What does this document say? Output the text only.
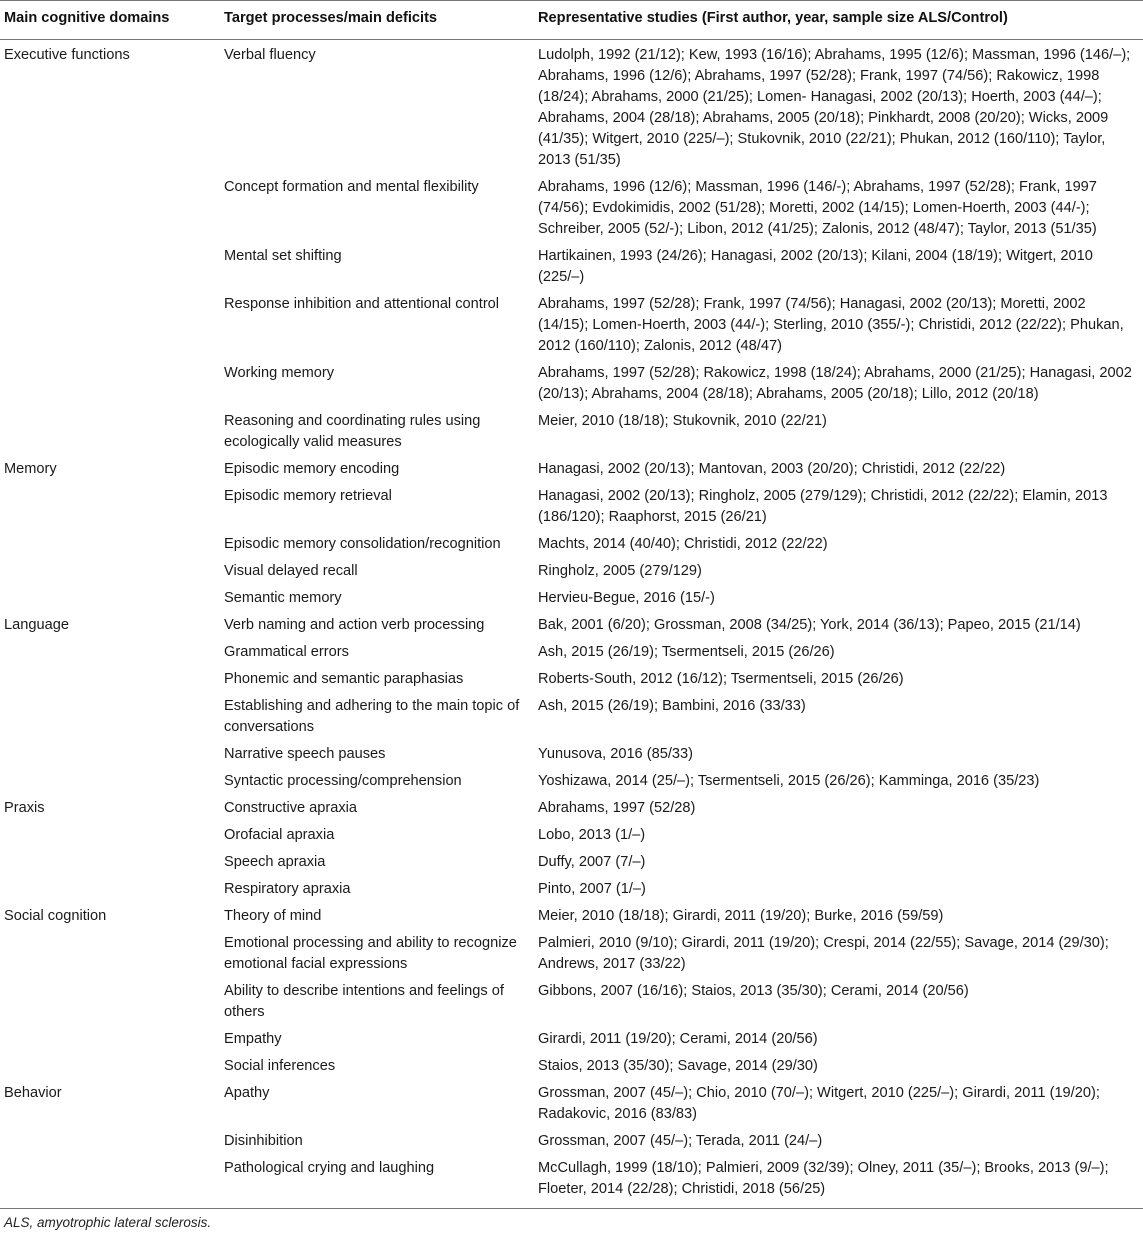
Main cognitive domains	Target processes/main deficits	Representative studies (First author, year, sample size ALS/Control)
Executive functions	Verbal fluency	Ludolph, 1992 (21/12); Kew, 1993 (16/16); Abrahams, 1995 (12/6); Massman, 1996 (146/–); Abrahams, 1996 (12/6); Abrahams, 1997 (52/28); Frank, 1997 (74/56); Rakowicz, 1998 (18/24); Abrahams, 2000 (21/25); Lomen- Hanagasi, 2002 (20/13); Hoerth, 2003 (44/–); Abrahams, 2004 (28/18); Abrahams, 2005 (20/18); Pinkhardt, 2008 (20/20); Wicks, 2009 (41/35); Witgert, 2010 (225/–); Stukovnik, 2010 (22/21); Phukan, 2012 (160/110); Taylor, 2013 (51/35)
	Concept formation and mental flexibility	Abrahams, 1996 (12/6); Massman, 1996 (146/-); Abrahams, 1997 (52/28); Frank, 1997 (74/56); Evdokimidis, 2002 (51/28); Moretti, 2002 (14/15); Lomen-Hoerth, 2003 (44/-); Schreiber, 2005 (52/-); Libon, 2012 (41/25); Zalonis, 2012 (48/47); Taylor, 2013 (51/35)
	Mental set shifting	Hartikainen, 1993 (24/26); Hanagasi, 2002 (20/13); Kilani, 2004 (18/19); Witgert, 2010 (225/–)
	Response inhibition and attentional control	Abrahams, 1997 (52/28); Frank, 1997 (74/56); Hanagasi, 2002 (20/13); Moretti, 2002 (14/15); Lomen-Hoerth, 2003 (44/-); Sterling, 2010 (355/-); Christidi, 2012 (22/22); Phukan, 2012 (160/110); Zalonis, 2012 (48/47)
	Working memory	Abrahams, 1997 (52/28); Rakowicz, 1998 (18/24); Abrahams, 2000 (21/25); Hanagasi, 2002 (20/13); Abrahams, 2004 (28/18); Abrahams, 2005 (20/18); Lillo, 2012 (20/18)
	Reasoning and coordinating rules using ecologically valid measures	Meier, 2010 (18/18); Stukovnik, 2010 (22/21)
Memory	Episodic memory encoding	Hanagasi, 2002 (20/13); Mantovan, 2003 (20/20); Christidi, 2012 (22/22)
	Episodic memory retrieval	Hanagasi, 2002 (20/13); Ringholz, 2005 (279/129); Christidi, 2012 (22/22); Elamin, 2013 (186/120); Raaphorst, 2015 (26/21)
	Episodic memory consolidation/recognition	Machts, 2014 (40/40); Christidi, 2012 (22/22)
	Visual delayed recall	Ringholz, 2005 (279/129)
	Semantic memory	Hervieu-Begue, 2016 (15/-)
Language	Verb naming and action verb processing	Bak, 2001 (6/20); Grossman, 2008 (34/25); York, 2014 (36/13); Papeo, 2015 (21/14)
	Grammatical errors	Ash, 2015 (26/19); Tsermentseli, 2015 (26/26)
	Phonemic and semantic paraphasias	Roberts-South, 2012 (16/12); Tsermentseli, 2015 (26/26)
	Establishing and adhering to the main topic of conversations	Ash, 2015 (26/19); Bambini, 2016 (33/33)
	Narrative speech pauses	Yunusova, 2016 (85/33)
	Syntactic processing/comprehension	Yoshizawa, 2014 (25/–); Tsermentseli, 2015 (26/26); Kamminga, 2016 (35/23)
Praxis	Constructive apraxia	Abrahams, 1997 (52/28)
	Orofacial apraxia	Lobo, 2013 (1/–)
	Speech apraxia	Duffy, 2007 (7/–)
	Respiratory apraxia	Pinto, 2007 (1/–)
Social cognition	Theory of mind	Meier, 2010 (18/18); Girardi, 2011 (19/20); Burke, 2016 (59/59)
	Emotional processing and ability to recognize emotional facial expressions	Palmieri, 2010 (9/10); Girardi, 2011 (19/20); Crespi, 2014 (22/55); Savage, 2014 (29/30); Andrews, 2017 (33/22)
	Ability to describe intentions and feelings of others	Gibbons, 2007 (16/16); Staios, 2013 (35/30); Cerami, 2014 (20/56)
	Empathy	Girardi, 2011 (19/20); Cerami, 2014 (20/56)
	Social inferences	Staios, 2013 (35/30); Savage, 2014 (29/30)
Behavior	Apathy	Grossman, 2007 (45/–); Chio, 2010 (70/–); Witgert, 2010 (225/–); Girardi, 2011 (19/20); Radakovic, 2016 (83/83)
	Disinhibition	Grossman, 2007 (45/–); Terada, 2011 (24/–)
	Pathological crying and laughing	McCullagh, 1999 (18/10); Palmieri, 2009 (32/39); Olney, 2011 (35/–); Brooks, 2013 (9/–); Floeter, 2014 (22/28); Christidi, 2018 (56/25)
ALS, amyotrophic lateral sclerosis.
